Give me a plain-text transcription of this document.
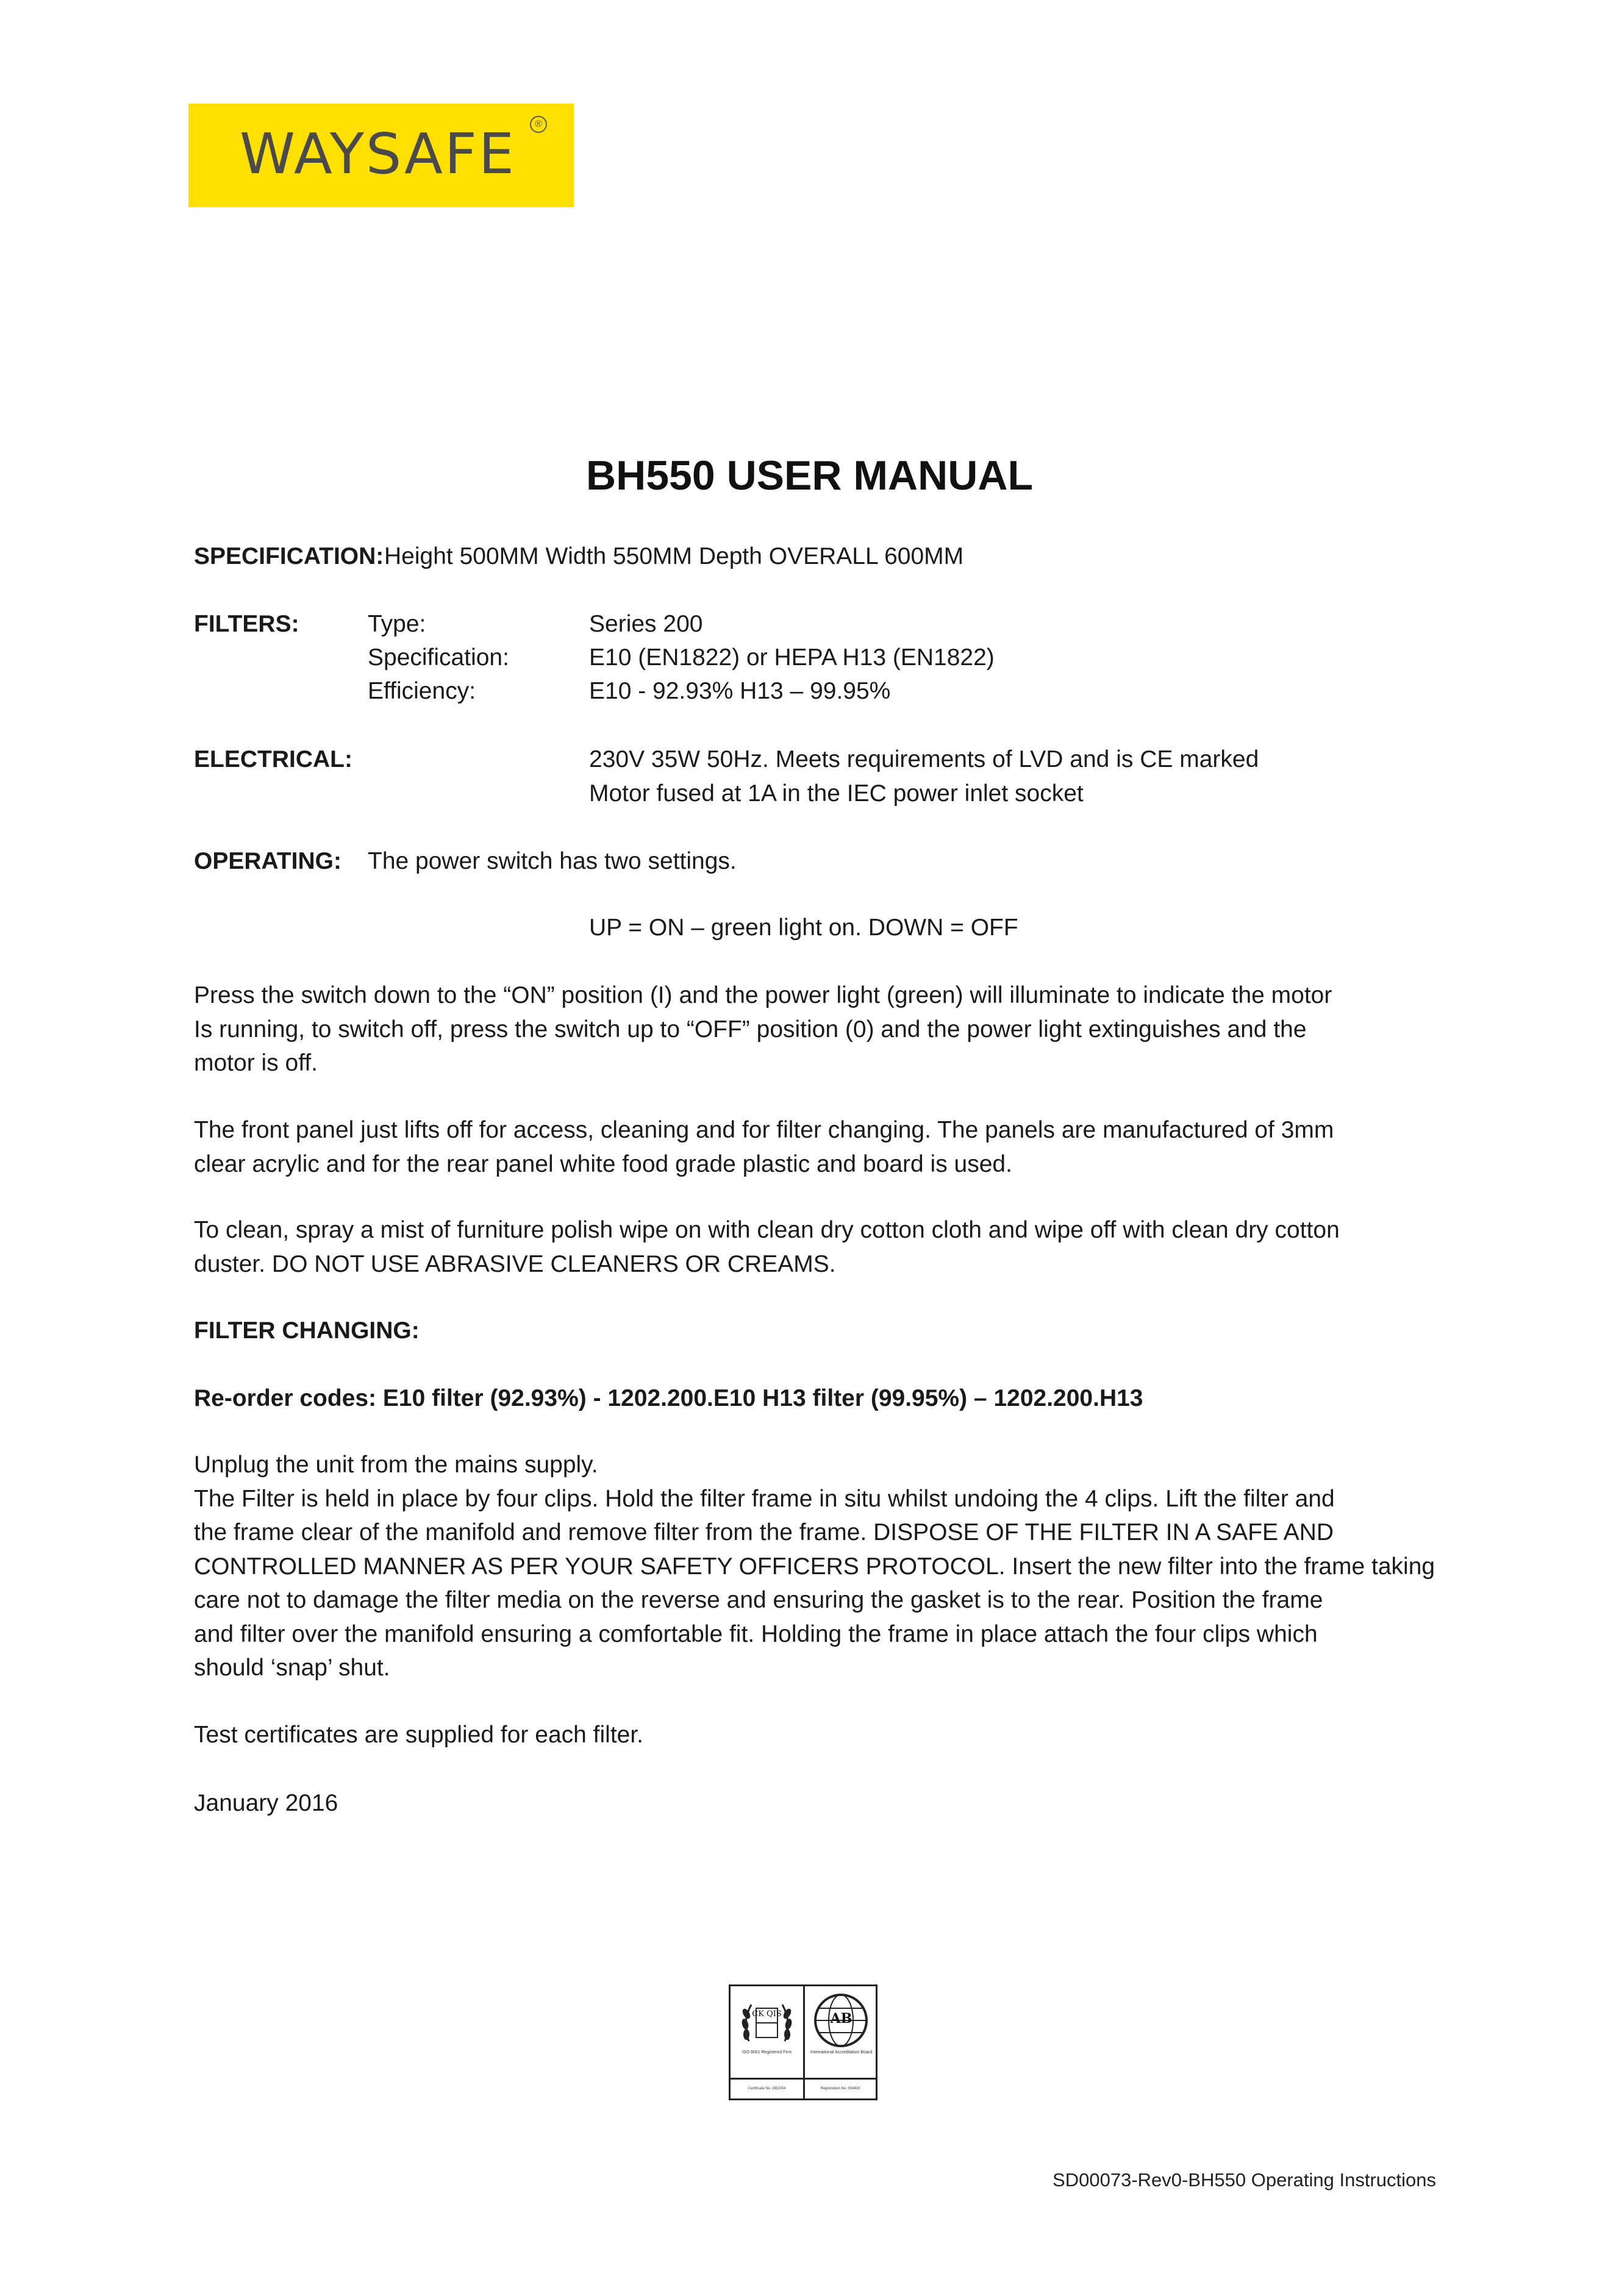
WAYSAFE	®
BH550 USER MANUAL
SPECIFICATION: Height 500MM Width 550MM Depth OVERALL 600MM
FILTERS:	Type:	Series 200
Specification:	E10 (EN1822) or HEPA H13 (EN1822)
Efficiency:	E10 - 92.93% H13 – 99.95%
ELECTRICAL:	230V 35W 50Hz. Meets requirements of LVD and is CE marked
Motor fused at 1A in the IEC power inlet socket
OPERATING: The power switch has two settings.
UP = ON – green light on. DOWN = OFF
Press the switch down to the “ON” position (I) and the power light (green) will illuminate to indicate the motor
Is running, to switch off, press the switch up to “OFF” position (0) and the power light extinguishes and the
motor is off.
The front panel just lifts off for access, cleaning and for filter changing. The panels are manufactured of 3mm
clear acrylic and for the rear panel white food grade plastic and board is used.
To clean, spray a mist of furniture polish wipe on with clean dry cotton cloth and wipe off with clean dry cotton
duster. DO NOT USE ABRASIVE CLEANERS OR CREAMS.
FILTER CHANGING:
Re-order codes: E10 filter (92.93%) - 1202.200.E10 H13 filter (99.95%) – 1202.200.H13
Unplug the unit from the mains supply.
The Filter is held in place by four clips. Hold the filter frame in situ whilst undoing the 4 clips. Lift the filter and
the frame clear of the manifold and remove filter from the frame. DISPOSE OF THE FILTER IN A SAFE AND
CONTROLLED MANNER AS PER YOUR SAFETY OFFICERS PROTOCOL. Insert the new filter into the frame taking
care not to damage the filter media on the reverse and ensuring the gasket is to the rear. Position the frame
and filter over the manifold ensuring a comfortable fit. Holding the frame in place attach the four clips which
should ‘snap’ shut.
Test certificates are supplied for each filter.
January 2016
CK QIS
ISO 9001 Registered Firm
AB
International Accreditation Board
Certificate No. GB2004	Registration No. 004433
SD00073-Rev0-BH550 Operating Instructions
